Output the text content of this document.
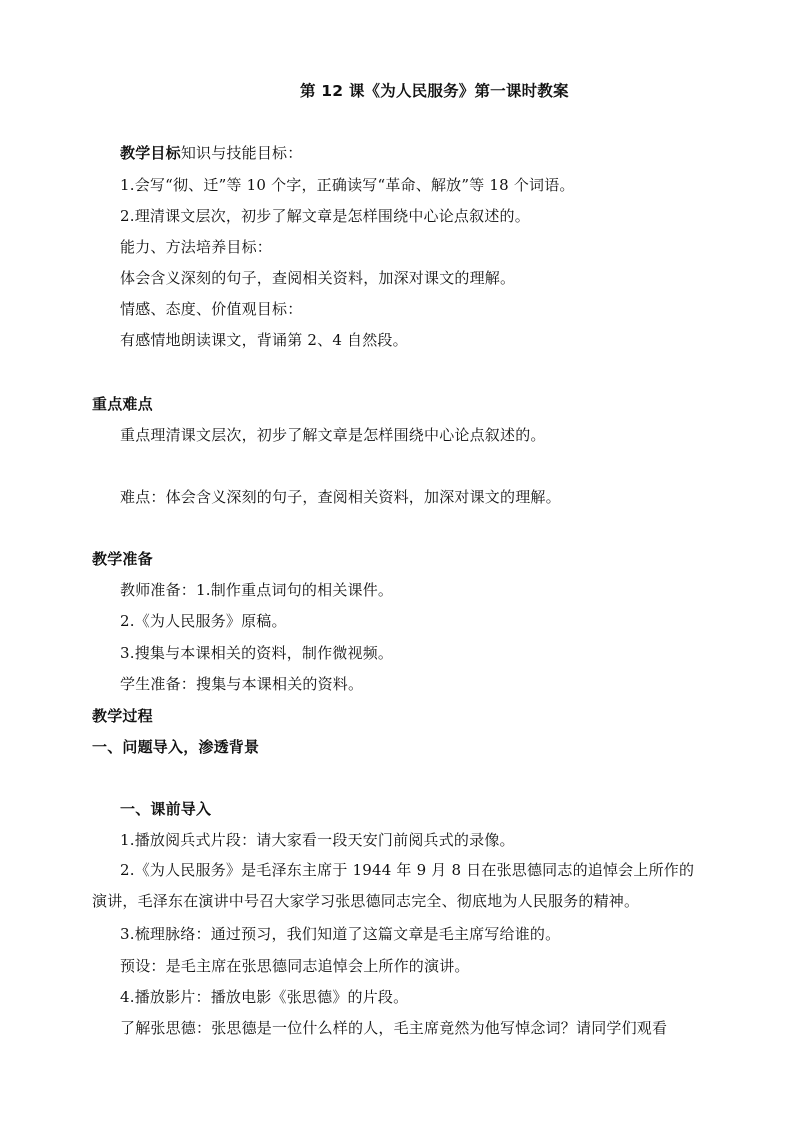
第 12 课《为人民服务》第一课时教案
教学目标知识与技能目标：
1.会写“彻、迁”等 10 个字，正确读写“革命、解放”等 18 个词语。
2.理清课文层次，初步了解文章是怎样围绕中心论点叙述的。
能力、方法培养目标：
体会含义深刻的句子，查阅相关资料，加深对课文的理解。
情感、态度、价值观目标：
有感情地朗读课文，背诵第 2、4 自然段。
重点难点
重点理清课文层次，初步了解文章是怎样围绕中心论点叙述的。
难点：体会含义深刻的句子，查阅相关资料，加深对课文的理解。
教学准备
教师准备：1.制作重点词句的相关课件。
2.《为人民服务》原稿。
3.搜集与本课相关的资料，制作微视频。
学生准备：搜集与本课相关的资料。
教学过程
一、问题导入，渗透背景
一、课前导入
1.播放阅兵式片段：请大家看一段天安门前阅兵式的录像。
2.《为人民服务》是毛泽东主席于 1944 年 9 月 8 日在张思德同志的追悼会上所作的
演讲，毛泽东在演讲中号召大家学习张思德同志完全、彻底地为人民服务的精神。
3.梳理脉络：通过预习，我们知道了这篇文章是毛主席写给谁的。
预设：是毛主席在张思德同志追悼会上所作的演讲。
4.播放影片：播放电影《张思德》的片段。
了解张思德：张思德是一位什么样的人，毛主席竟然为他写悼念词？请同学们观看
